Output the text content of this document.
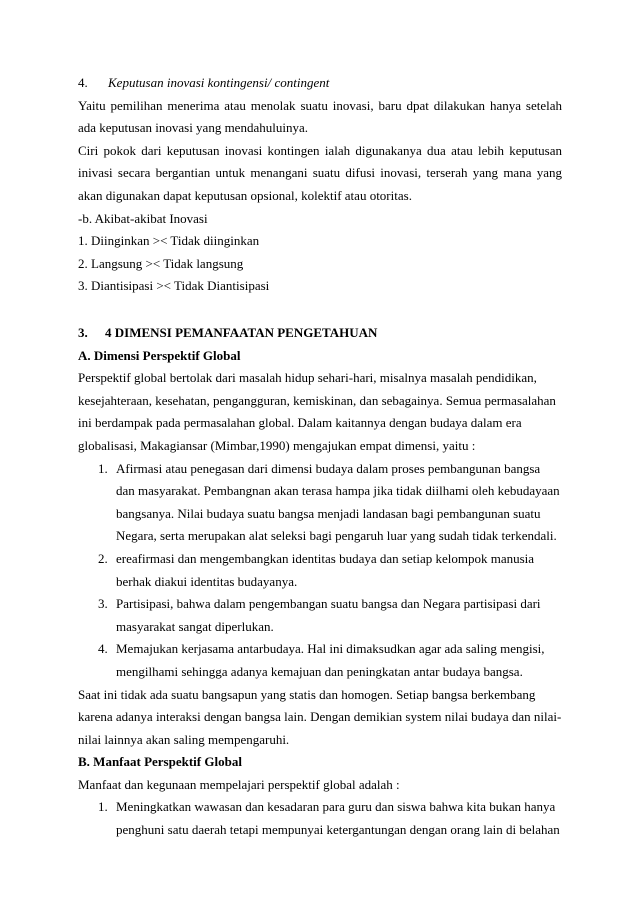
4. Keputusan inovasi kontingensi/ contingent
Yaitu pemilihan menerima atau menolak suatu inovasi, baru dpat dilakukan hanya setelah ada keputusan inovasi yang mendahuluinya.
Ciri pokok dari keputusan inovasi kontingen ialah digunakanya dua atau lebih keputusan inivasi secara bergantian untuk menangani suatu difusi inovasi, terserah yang mana yang akan digunakan dapat keputusan opsional, kolektif atau otoritas.
-b. Akibat-akibat Inovasi
1. Diinginkan >< Tidak diinginkan
2. Langsung >< Tidak langsung
3. Diantisipasi >< Tidak Diantisipasi
3. 4 DIMENSI PEMANFAATAN PENGETAHUAN
A. Dimensi Perspektif Global
Perspektif global bertolak dari masalah hidup sehari-hari, misalnya masalah pendidikan, kesejahteraan, kesehatan, pengangguran, kemiskinan, dan sebagainya. Semua permasalahan ini berdampak pada permasalahan global. Dalam kaitannya dengan budaya dalam era globalisasi, Makagiansar (Mimbar,1990) mengajukan empat dimensi, yaitu :
1. Afirmasi atau penegasan dari dimensi budaya dalam proses pembangunan bangsa dan masyarakat. Pembangnan akan terasa hampa jika tidak diilhami oleh kebudayaan bangsanya. Nilai budaya suatu bangsa menjadi landasan bagi pembangunan suatu Negara, serta merupakan alat seleksi bagi pengaruh luar yang sudah tidak terkendali.
2. ereafirmasi dan mengembangkan identitas budaya dan setiap kelompok manusia berhak diakui identitas budayanya.
3. Partisipasi, bahwa dalam pengembangan suatu bangsa dan Negara partisipasi dari masyarakat sangat diperlukan.
4. Memajukan kerjasama antarbudaya. Hal ini dimaksudkan agar ada saling mengisi, mengilhami sehingga adanya kemajuan dan peningkatan antar budaya bangsa.
Saat ini tidak ada suatu bangsapun yang statis dan homogen. Setiap bangsa berkembang karena adanya interaksi dengan bangsa lain. Dengan demikian system nilai budaya dan nilai-nilai lainnya akan saling mempengaruhi.
B. Manfaat Perspektif Global
Manfaat dan kegunaan mempelajari perspektif global adalah :
1. Meningkatkan wawasan dan kesadaran para guru dan siswa bahwa kita bukan hanya penghuni satu daerah tetapi mempunyai ketergantungan dengan orang lain di belahan
